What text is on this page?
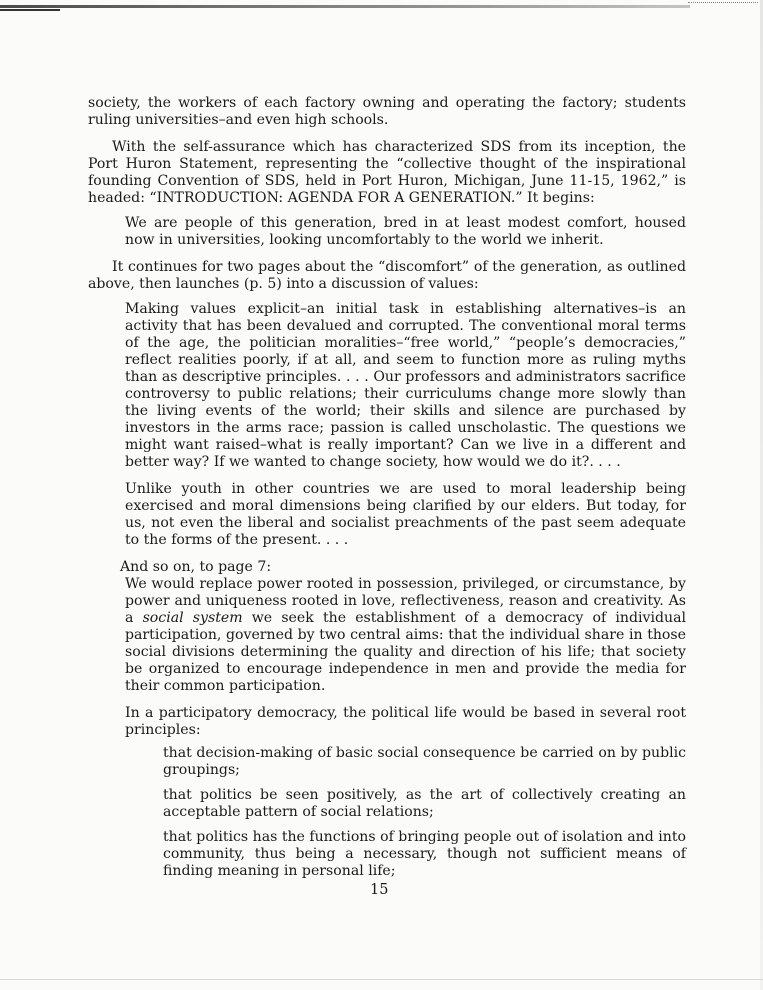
society, the workers of each factory owning and operating the factory; students ruling universities–and even high schools.

With the self-assurance which has characterized SDS from its inception, the Port Huron Statement, representing the “collective thought of the inspirational founding Convention of SDS, held in Port Huron, Michigan, June 11-15, 1962,” is headed: “INTRODUCTION: AGENDA FOR A GENERATION.” It begins:

We are people of this generation, bred in at least modest comfort, housed now in universities, looking uncomfortably to the world we inherit.

It continues for two pages about the “discomfort” of the generation, as outlined above, then launches (p. 5) into a discussion of values:

Making values explicit–an initial task in establishing alternatives–is an activity that has been devalued and corrupted. The conventional moral terms of the age, the politician moralities–“free world,” “people’s democracies,” reflect realities poorly, if at all, and seem to function more as ruling myths than as descriptive principles. . . . Our professors and administrators sacrifice controversy to public relations; their curriculums change more slowly than the living events of the world; their skills and silence are purchased by investors in the arms race; passion is called unscholastic. The questions we might want raised–what is really important? Can we live in a different and better way? If we wanted to change society, how would we do it?. . . .

Unlike youth in other countries we are used to moral leadership being exercised and moral dimensions being clarified by our elders. But today, for us, not even the liberal and socialist preachments of the past seem adequate to the forms of the present. . . .

And so on, to page 7:

We would replace power rooted in possession, privileged, or circumstance, by power and uniqueness rooted in love, reflectiveness, reason and creativity. As a social system we seek the establishment of a democracy of individual participation, governed by two central aims: that the individual share in those social divisions determining the quality and direction of his life; that society be organized to encourage independence in men and provide the media for their common participation.

In a participatory democracy, the political life would be based in several root principles:

that decision-making of basic social consequence be carried on by public groupings;

that politics be seen positively, as the art of collectively creating an acceptable pattern of social relations;

that politics has the functions of bringing people out of isolation and into community, thus being a necessary, though not sufficient means of finding meaning in personal life;

15
